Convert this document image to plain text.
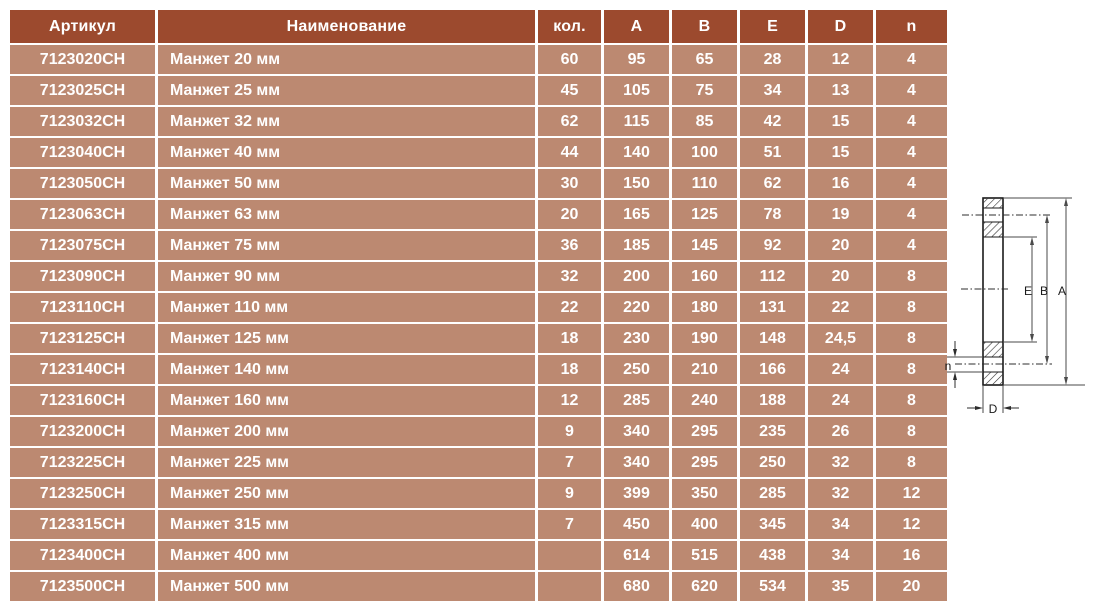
Артикул	Наименование	кол.	A	B	E	D	n
7123020CH	Манжет 20 мм	60	95	65	28	12	4
7123025CH	Манжет 25 мм	45	105	75	34	13	4
7123032CH	Манжет 32 мм	62	115	85	42	15	4
7123040CH	Манжет 40 мм	44	140	100	51	15	4
7123050CH	Манжет 50 мм	30	150	110	62	16	4
7123063CH	Манжет 63 мм	20	165	125	78	19	4
7123075CH	Манжет 75 мм	36	185	145	92	20	4
7123090CH	Манжет 90 мм	32	200	160	112	20	8
7123110CH	Манжет 110 мм	22	220	180	131	22	8
7123125CH	Манжет 125 мм	18	230	190	148	24,5	8
7123140CH	Манжет 140 мм	18	250	210	166	24	8
7123160CH	Манжет 160 мм	12	285	240	188	24	8
7123200CH	Манжет 200 мм	9	340	295	235	26	8
7123225CH	Манжет 225 мм	7	340	295	250	32	8
7123250CH	Манжет 250 мм	9	399	350	285	32	12
7123315CH	Манжет 315 мм	7	450	400	345	34	12
7123400CH	Манжет 400 мм		614	515	438	34	16
7123500CH	Манжет 500 мм		680	620	534	35	20
E B A
n
D
